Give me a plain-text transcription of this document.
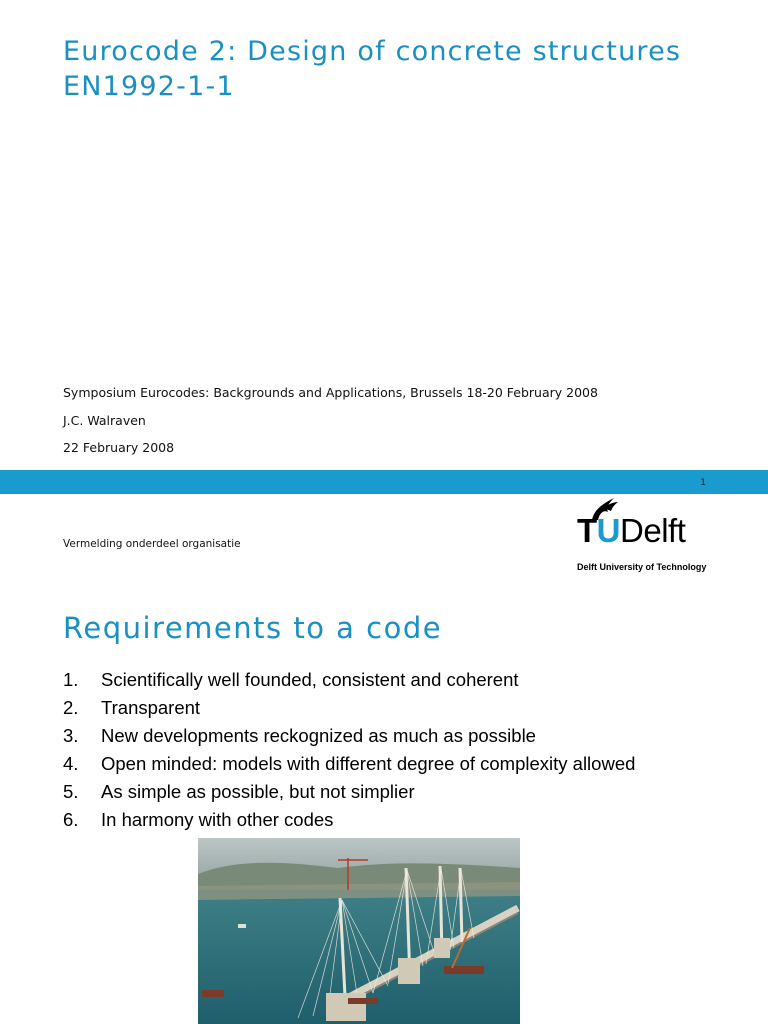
Eurocode 2: Design of concrete structures
EN1992-1-1
Symposium Eurocodes: Backgrounds and Applications, Brussels 18-20 February 2008
J.C. Walraven
22 February 2008
1
Vermelding onderdeel organisatie	TUDelft
Delft University of Technology
Requirements to a code
1. Scientifically well founded, consistent and coherent
2. Transparent
3. New developments reckognized as much as possible
4. Open minded: models with different degree of complexity allowed
5. As simple as possible, but not simplier
6. In harmony with other codes
